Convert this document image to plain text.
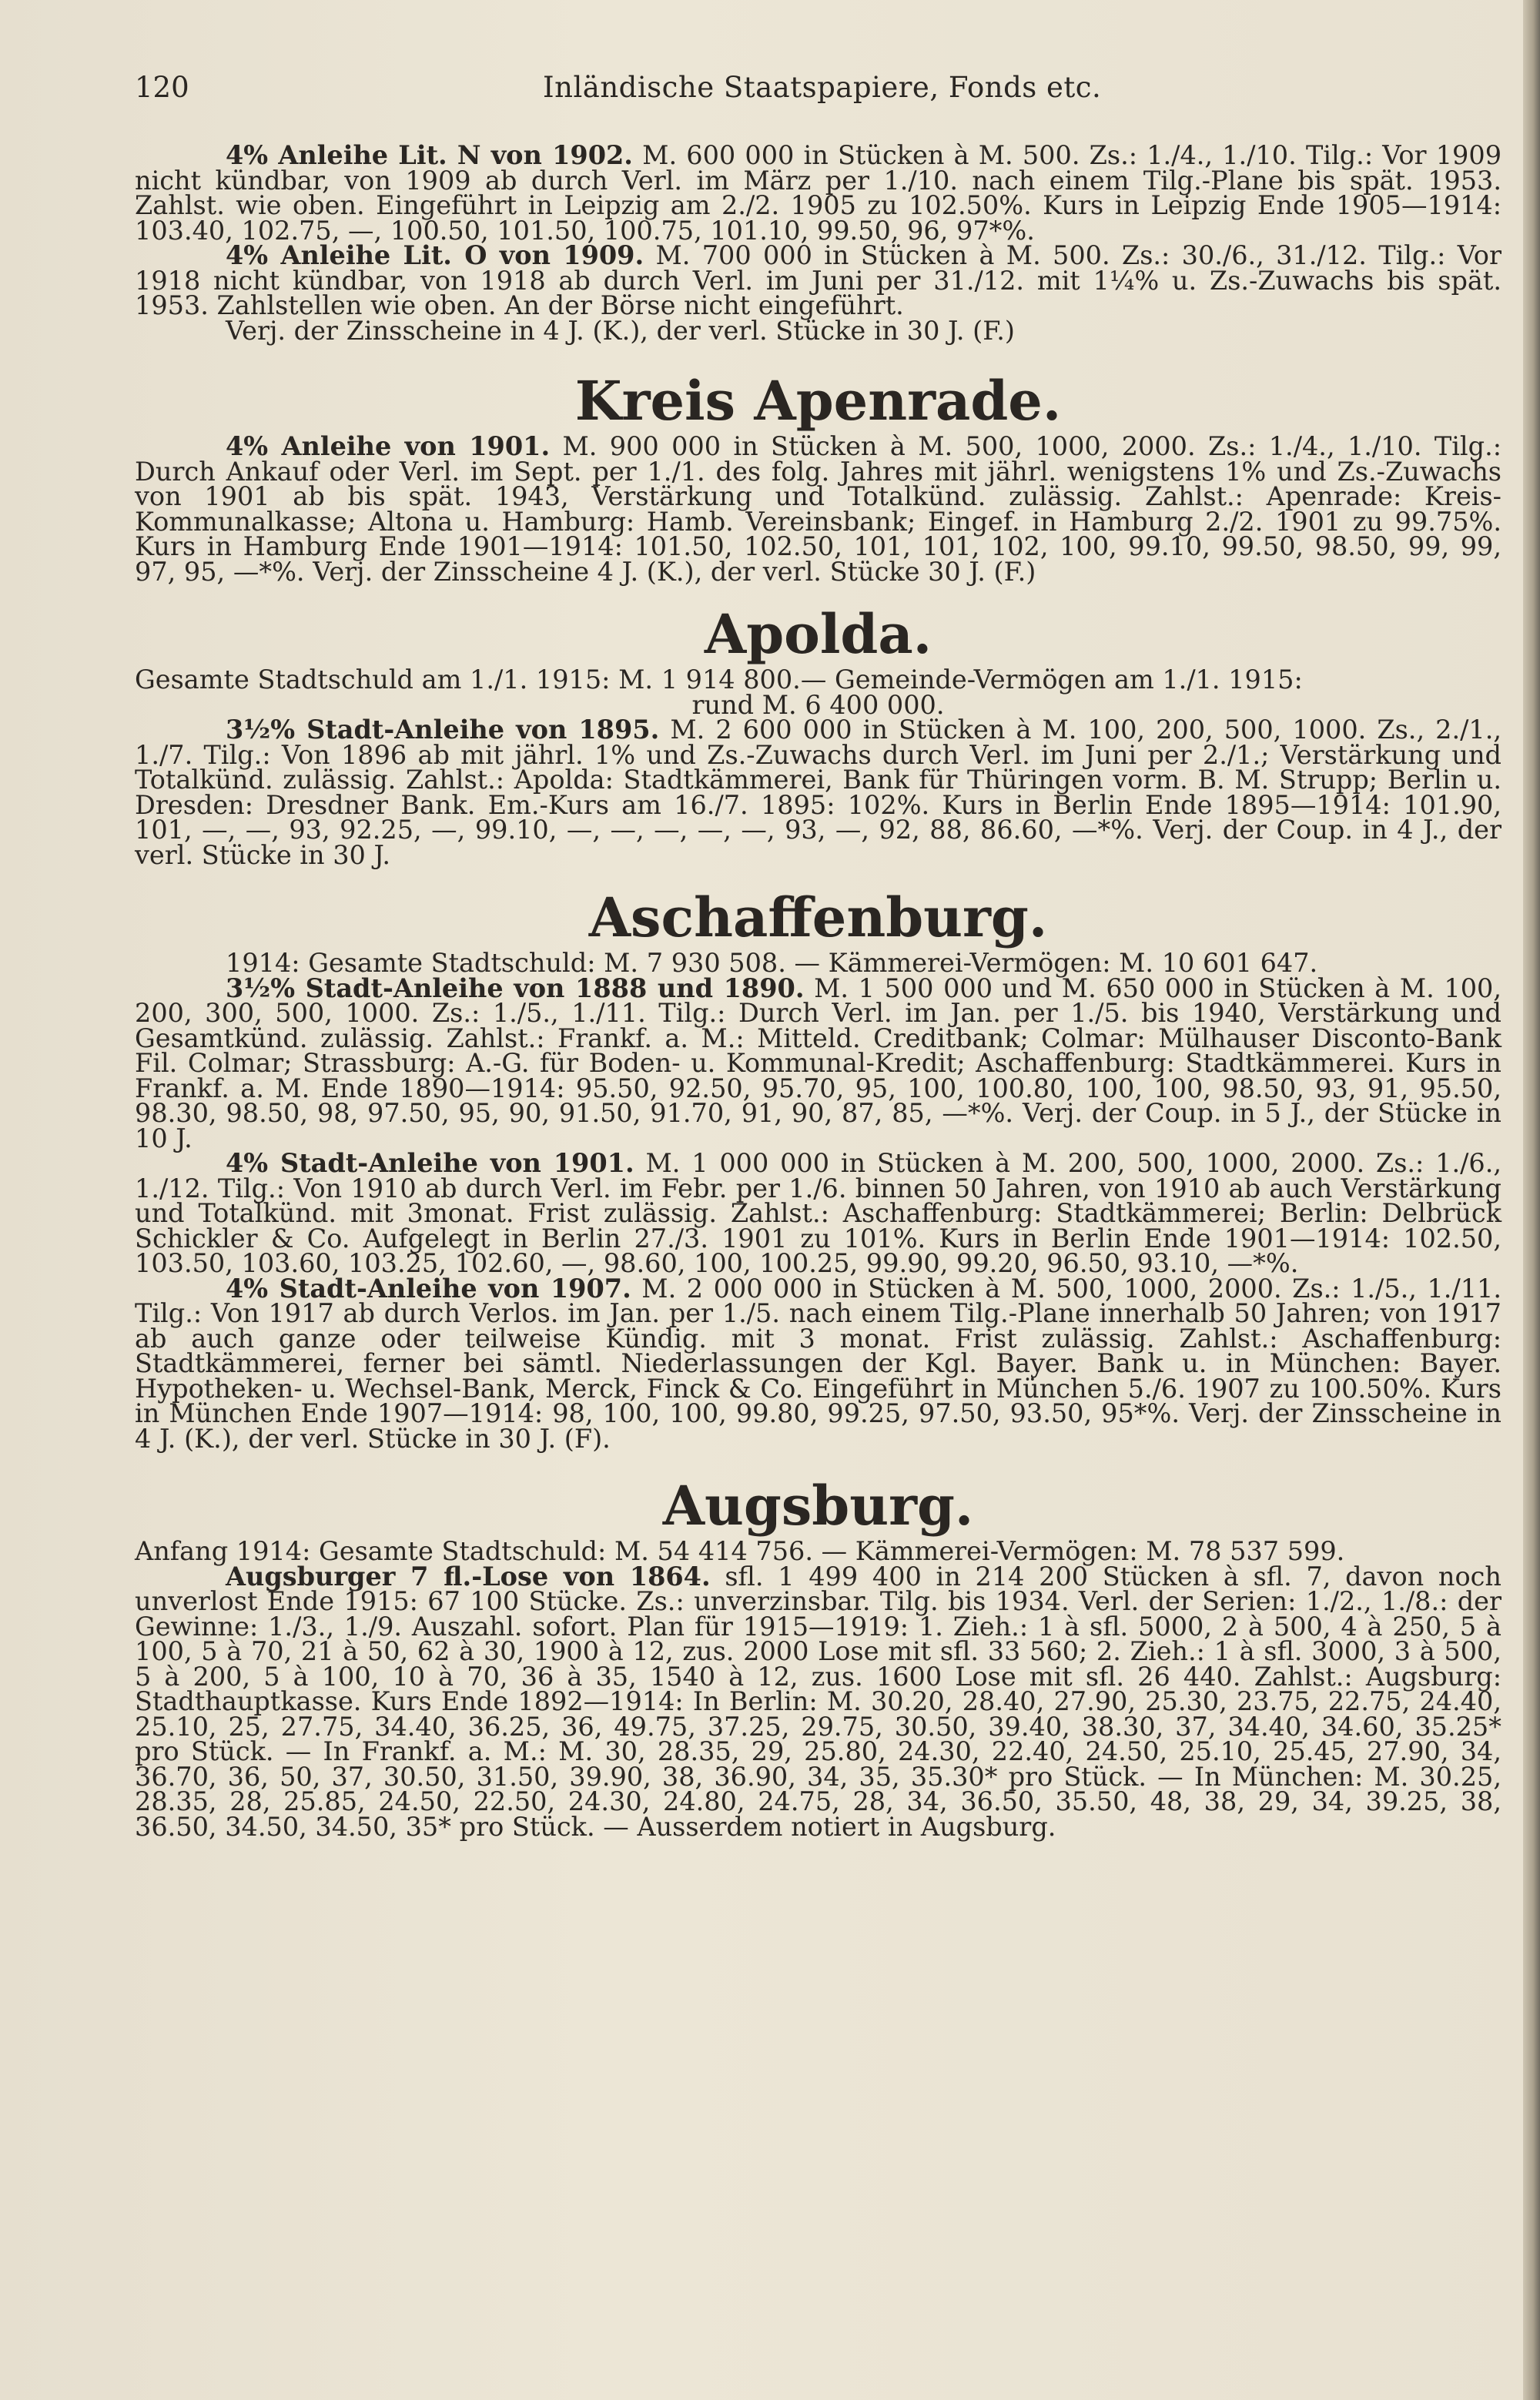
120	Inländische Staatspapiere, Fonds etc.

4% Anleihe Lit. N von 1902. M. 600 000 in Stücken à M. 500. Zs.: 1./4., 1./10. Tilg.: Vor 1909 nicht kündbar, von 1909 ab durch Verl. im März per 1./10. nach einem Tilg.-Plane bis spät. 1953. Zahlst. wie oben. Eingeführt in Leipzig am 2./2. 1905 zu 102.50%. Kurs in Leipzig Ende 1905—1914: 103.40, 102.75, —, 100.50, 101.50, 100.75, 101.10, 99.50, 96, 97*%.

4% Anleihe Lit. O von 1909. M. 700 000 in Stücken à M. 500. Zs.: 30./6., 31./12. Tilg.: Vor 1918 nicht kündbar, von 1918 ab durch Verl. im Juni per 31./12. mit 1¼% u. Zs.-Zuwachs bis spät. 1953. Zahlstellen wie oben. An der Börse nicht eingeführt.

Verj. der Zinsscheine in 4 J. (K.), der verl. Stücke in 30 J. (F.)

Kreis Apenrade.

4% Anleihe von 1901. M. 900 000 in Stücken à M. 500, 1000, 2000. Zs.: 1./4., 1./10. Tilg.: Durch Ankauf oder Verl. im Sept. per 1./1. des folg. Jahres mit jährl. wenigstens 1% und Zs.-Zuwachs von 1901 ab bis spät. 1943, Verstärkung und Totalkünd. zulässig. Zahlst.: Apenrade: Kreis-Kommunalkasse; Altona u. Hamburg: Hamb. Vereinsbank; Eingef. in Hamburg 2./2. 1901 zu 99.75%. Kurs in Hamburg Ende 1901—1914: 101.50, 102.50, 101, 101, 102, 100, 99.10, 99.50, 98.50, 99, 99, 97, 95, —*%. Verj. der Zinsscheine 4 J. (K.), der verl. Stücke 30 J. (F.)

Apolda.

Gesamte Stadtschuld am 1./1. 1915: M. 1 914 800.— Gemeinde-Vermögen am 1./1. 1915:

rund M. 6 400 000.

3½% Stadt-Anleihe von 1895. M. 2 600 000 in Stücken à M. 100, 200, 500, 1000. Zs., 2./1., 1./7. Tilg.: Von 1896 ab mit jährl. 1% und Zs.-Zuwachs durch Verl. im Juni per 2./1.; Verstärkung und Totalkünd. zulässig. Zahlst.: Apolda: Stadtkämmerei, Bank für Thüringen vorm. B. M. Strupp; Berlin u. Dresden: Dresdner Bank. Em.-Kurs am 16./7. 1895: 102%. Kurs in Berlin Ende 1895—1914: 101.90, 101, —, —, 93, 92.25, —, 99.10, —, —, —, —, —, 93, —, 92, 88, 86.60, —*%. Verj. der Coup. in 4 J., der verl. Stücke in 30 J.

Aschaffenburg.

1914: Gesamte Stadtschuld: M. 7 930 508. — Kämmerei-Vermögen: M. 10 601 647.

3½% Stadt-Anleihe von 1888 und 1890. M. 1 500 000 und M. 650 000 in Stücken à M. 100, 200, 300, 500, 1000. Zs.: 1./5., 1./11. Tilg.: Durch Verl. im Jan. per 1./5. bis 1940, Verstärkung und Gesamtkünd. zulässig. Zahlst.: Frankf. a. M.: Mitteld. Creditbank; Colmar: Mülhauser Disconto-Bank Fil. Colmar; Strassburg: A.-G. für Boden- u. Kommunal-Kredit; Aschaffenburg: Stadtkämmerei. Kurs in Frankf. a. M. Ende 1890—1914: 95.50, 92.50, 95.70, 95, 100, 100.80, 100, 100, 98.50, 93, 91, 95.50, 98.30, 98.50, 98, 97.50, 95, 90, 91.50, 91.70, 91, 90, 87, 85, —*%. Verj. der Coup. in 5 J., der Stücke in 10 J.

4% Stadt-Anleihe von 1901. M. 1 000 000 in Stücken à M. 200, 500, 1000, 2000. Zs.: 1./6., 1./12. Tilg.: Von 1910 ab durch Verl. im Febr. per 1./6. binnen 50 Jahren, von 1910 ab auch Verstärkung und Totalkünd. mit 3monat. Frist zulässig. Zahlst.: Aschaffenburg: Stadtkämmerei; Berlin: Delbrück Schickler & Co. Aufgelegt in Berlin 27./3. 1901 zu 101%. Kurs in Berlin Ende 1901—1914: 102.50, 103.50, 103.60, 103.25, 102.60, —, 98.60, 100, 100.25, 99.90, 99.20, 96.50, 93.10, —*%.

4% Stadt-Anleihe von 1907. M. 2 000 000 in Stücken à M. 500, 1000, 2000. Zs.: 1./5., 1./11. Tilg.: Von 1917 ab durch Verlos. im Jan. per 1./5. nach einem Tilg.-Plane innerhalb 50 Jahren; von 1917 ab auch ganze oder teilweise Kündig. mit 3 monat. Frist zulässig. Zahlst.: Aschaffenburg: Stadtkämmerei, ferner bei sämtl. Niederlassungen der Kgl. Bayer. Bank u. in München: Bayer. Hypotheken- u. Wechsel-Bank, Merck, Finck & Co. Eingeführt in München 5./6. 1907 zu 100.50%. Kurs in München Ende 1907—1914: 98, 100, 100, 99.80, 99.25, 97.50, 93.50, 95*%. Verj. der Zinsscheine in 4 J. (K.), der verl. Stücke in 30 J. (F).

Augsburg.

Anfang 1914: Gesamte Stadtschuld: M. 54 414 756. — Kämmerei-Vermögen: M. 78 537 599.

Augsburger 7 fl.-Lose von 1864. sfl. 1 499 400 in 214 200 Stücken à sfl. 7, davon noch unverlost Ende 1915: 67 100 Stücke. Zs.: unverzinsbar. Tilg. bis 1934. Verl. der Serien: 1./2., 1./8.: der Gewinne: 1./3., 1./9. Auszahl. sofort. Plan für 1915—1919: 1. Zieh.: 1 à sfl. 5000, 2 à 500, 4 à 250, 5 à 100, 5 à 70, 21 à 50, 62 à 30, 1900 à 12, zus. 2000 Lose mit sfl. 33 560; 2. Zieh.: 1 à sfl. 3000, 3 à 500, 5 à 200, 5 à 100, 10 à 70, 36 à 35, 1540 à 12, zus. 1600 Lose mit sfl. 26 440. Zahlst.: Augsburg: Stadthauptkasse. Kurs Ende 1892—1914: In Berlin: M. 30.20, 28.40, 27.90, 25.30, 23.75, 22.75, 24.40, 25.10, 25, 27.75, 34.40, 36.25, 36, 49.75, 37.25, 29.75, 30.50, 39.40, 38.30, 37, 34.40, 34.60, 35.25* pro Stück. — In Frankf. a. M.: M. 30, 28.35, 29, 25.80, 24.30, 22.40, 24.50, 25.10, 25.45, 27.90, 34, 36.70, 36, 50, 37, 30.50, 31.50, 39.90, 38, 36.90, 34, 35, 35.30* pro Stück. — In München: M. 30.25, 28.35, 28, 25.85, 24.50, 22.50, 24.30, 24.80, 24.75, 28, 34, 36.50, 35.50, 48, 38, 29, 34, 39.25, 38, 36.50, 34.50, 34.50, 35* pro Stück. — Ausserdem notiert in Augsburg.
